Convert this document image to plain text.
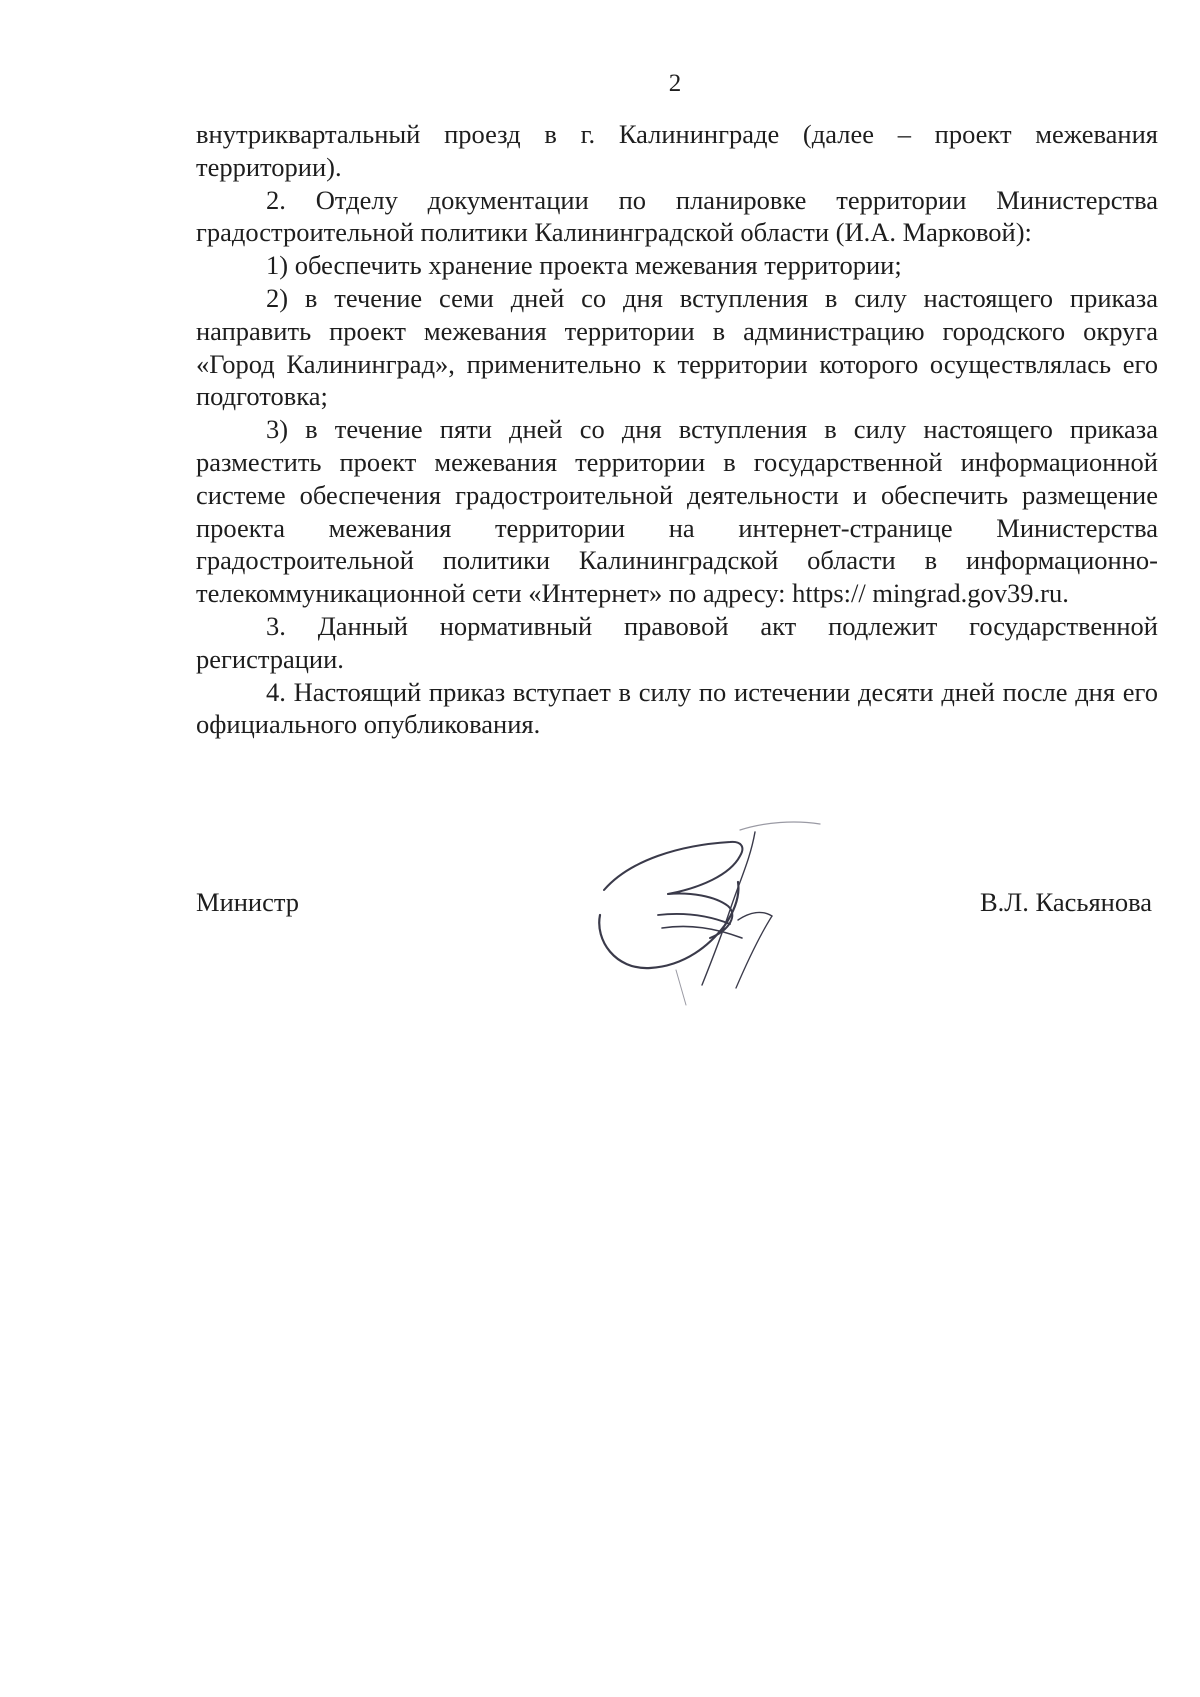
2

внутриквартальный проезд в г. Калининграде (далее – проект межевания территории).

2. Отделу документации по планировке территории Министерства градостроительной политики Калининградской области (И.А. Марковой):

1) обеспечить хранение проекта межевания территории;

2) в течение семи дней со дня вступления в силу настоящего приказа направить проект межевания территории в администрацию городского округа «Город Калининград», применительно к территории которого осуществлялась его подготовка;

3) в течение пяти дней со дня вступления в силу настоящего приказа разместить проект межевания территории в государственной информационной системе обеспечения градостроительной деятельности и обеспечить размещение проекта межевания территории на интернет-странице Министерства градостроительной политики Калининградской области в информационно-телекоммуникационной сети «Интернет» по адресу: https:// mingrad.gov39.ru.

3. Данный нормативный правовой акт подлежит государственной регистрации.

4. Настоящий приказ вступает в силу по истечении десяти дней после дня его официального опубликования.

Министр	В.Л. Касьянова
